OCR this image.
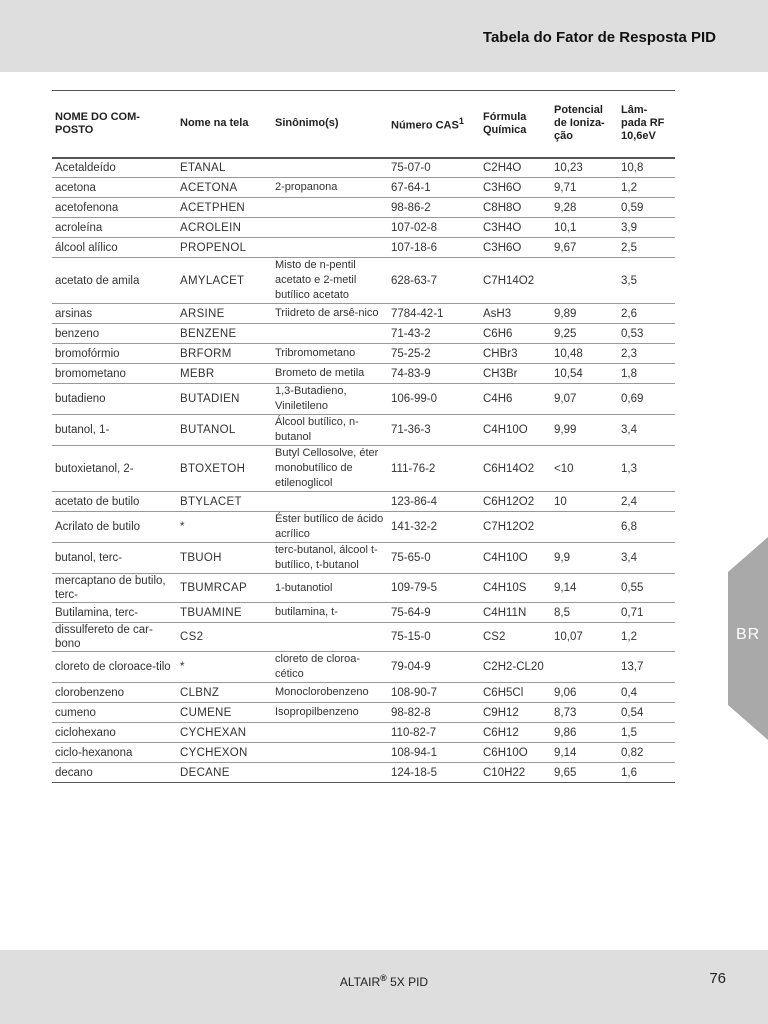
Tabela do Fator de Resposta PID
NOME DO COM-POSTO	Nome na tela	Sinônimo(s)	Número CAS$^1$	Fórmula Química	Potencial de Ioniza-ção	Lâm-pada RF 10,6eV
Acetaldeído	ETANAL		75-07-0	C2H4O	10,23	10,8
acetona	ACETONA	2-propanona	67-64-1	C3H6O	9,71	1,2
acetofenona	ACETPHEN		98-86-2	C8H8O	9,28	0,59
acroleína	ACROLEIN		107-02-8	C3H4O	10,1	3,9
álcool alílico	PROPENOL		107-18-6	C3H6O	9,67	2,5
acetato de amila	AMYLACET	Misto de n-pentil acetato e 2-metil butílico acetato	628-63-7	C7H14O2		3,5
arsinas	ARSINE	Triidreto de arsê-nico	7784-42-1	AsH3	9,89	2,6
benzeno	BENZENE		71-43-2	C6H6	9,25	0,53
bromofórmio	BRFORM	Tribromometano	75-25-2	CHBr3	10,48	2,3
bromometano	MEBR	Brometo de metila	74-83-9	CH3Br	10,54	1,8
butadieno	BUTADIEN	1,3-Butadieno, Viniletileno	106-99-0	C4H6	9,07	0,69
butanol, 1-	BUTANOL	Álcool butílico, n-butanol	71-36-3	C4H10O	9,99	3,4
butoxietanol, 2-	BTOXETOH	Butyl Cellosolve, éter monobutílico de etilenoglicol	111-76-2	C6H14O2	<10	1,3
acetato de butilo	BTYLACET		123-86-4	C6H12O2	10	2,4
Acrilato de butilo	*	Éster butílico de ácido acrílico	141-32-2	C7H12O2		6,8
butanol, terc-	TBUOH	terc-butanol, álcool t-butílico, t-butanol	75-65-0	C4H10O	9,9	3,4
mercaptano de butilo, terc-	TBUMRCAP	1-butanotiol	109-79-5	C4H10S	9,14	0,55
Butilamina, terc-	TBUAMINE	butilamina, t-	75-64-9	C4H11N	8,5	0,71
dissulfereto de car-bono	CS2		75-15-0	CS2	10,07	1,2
cloreto de cloroace-tilo	*	cloreto de cloroa-cético	79-04-9	C2H2-CL20		13,7
clorobenzeno	CLBNZ	Monoclorobenzeno	108-90-7	C6H5Cl	9,06	0,4
cumeno	CUMENE	Isopropilbenzeno	98-82-8	C9H12	8,73	0,54
ciclohexano	CYCHEXAN		110-82-7	C6H12	9,86	1,5
ciclo-hexanona	CYCHEXON		108-94-1	C6H10O	9,14	0,82
decano	DECANE		124-18-5	C10H22	9,65	1,6
BR
ALTAIR® 5X PID	76
